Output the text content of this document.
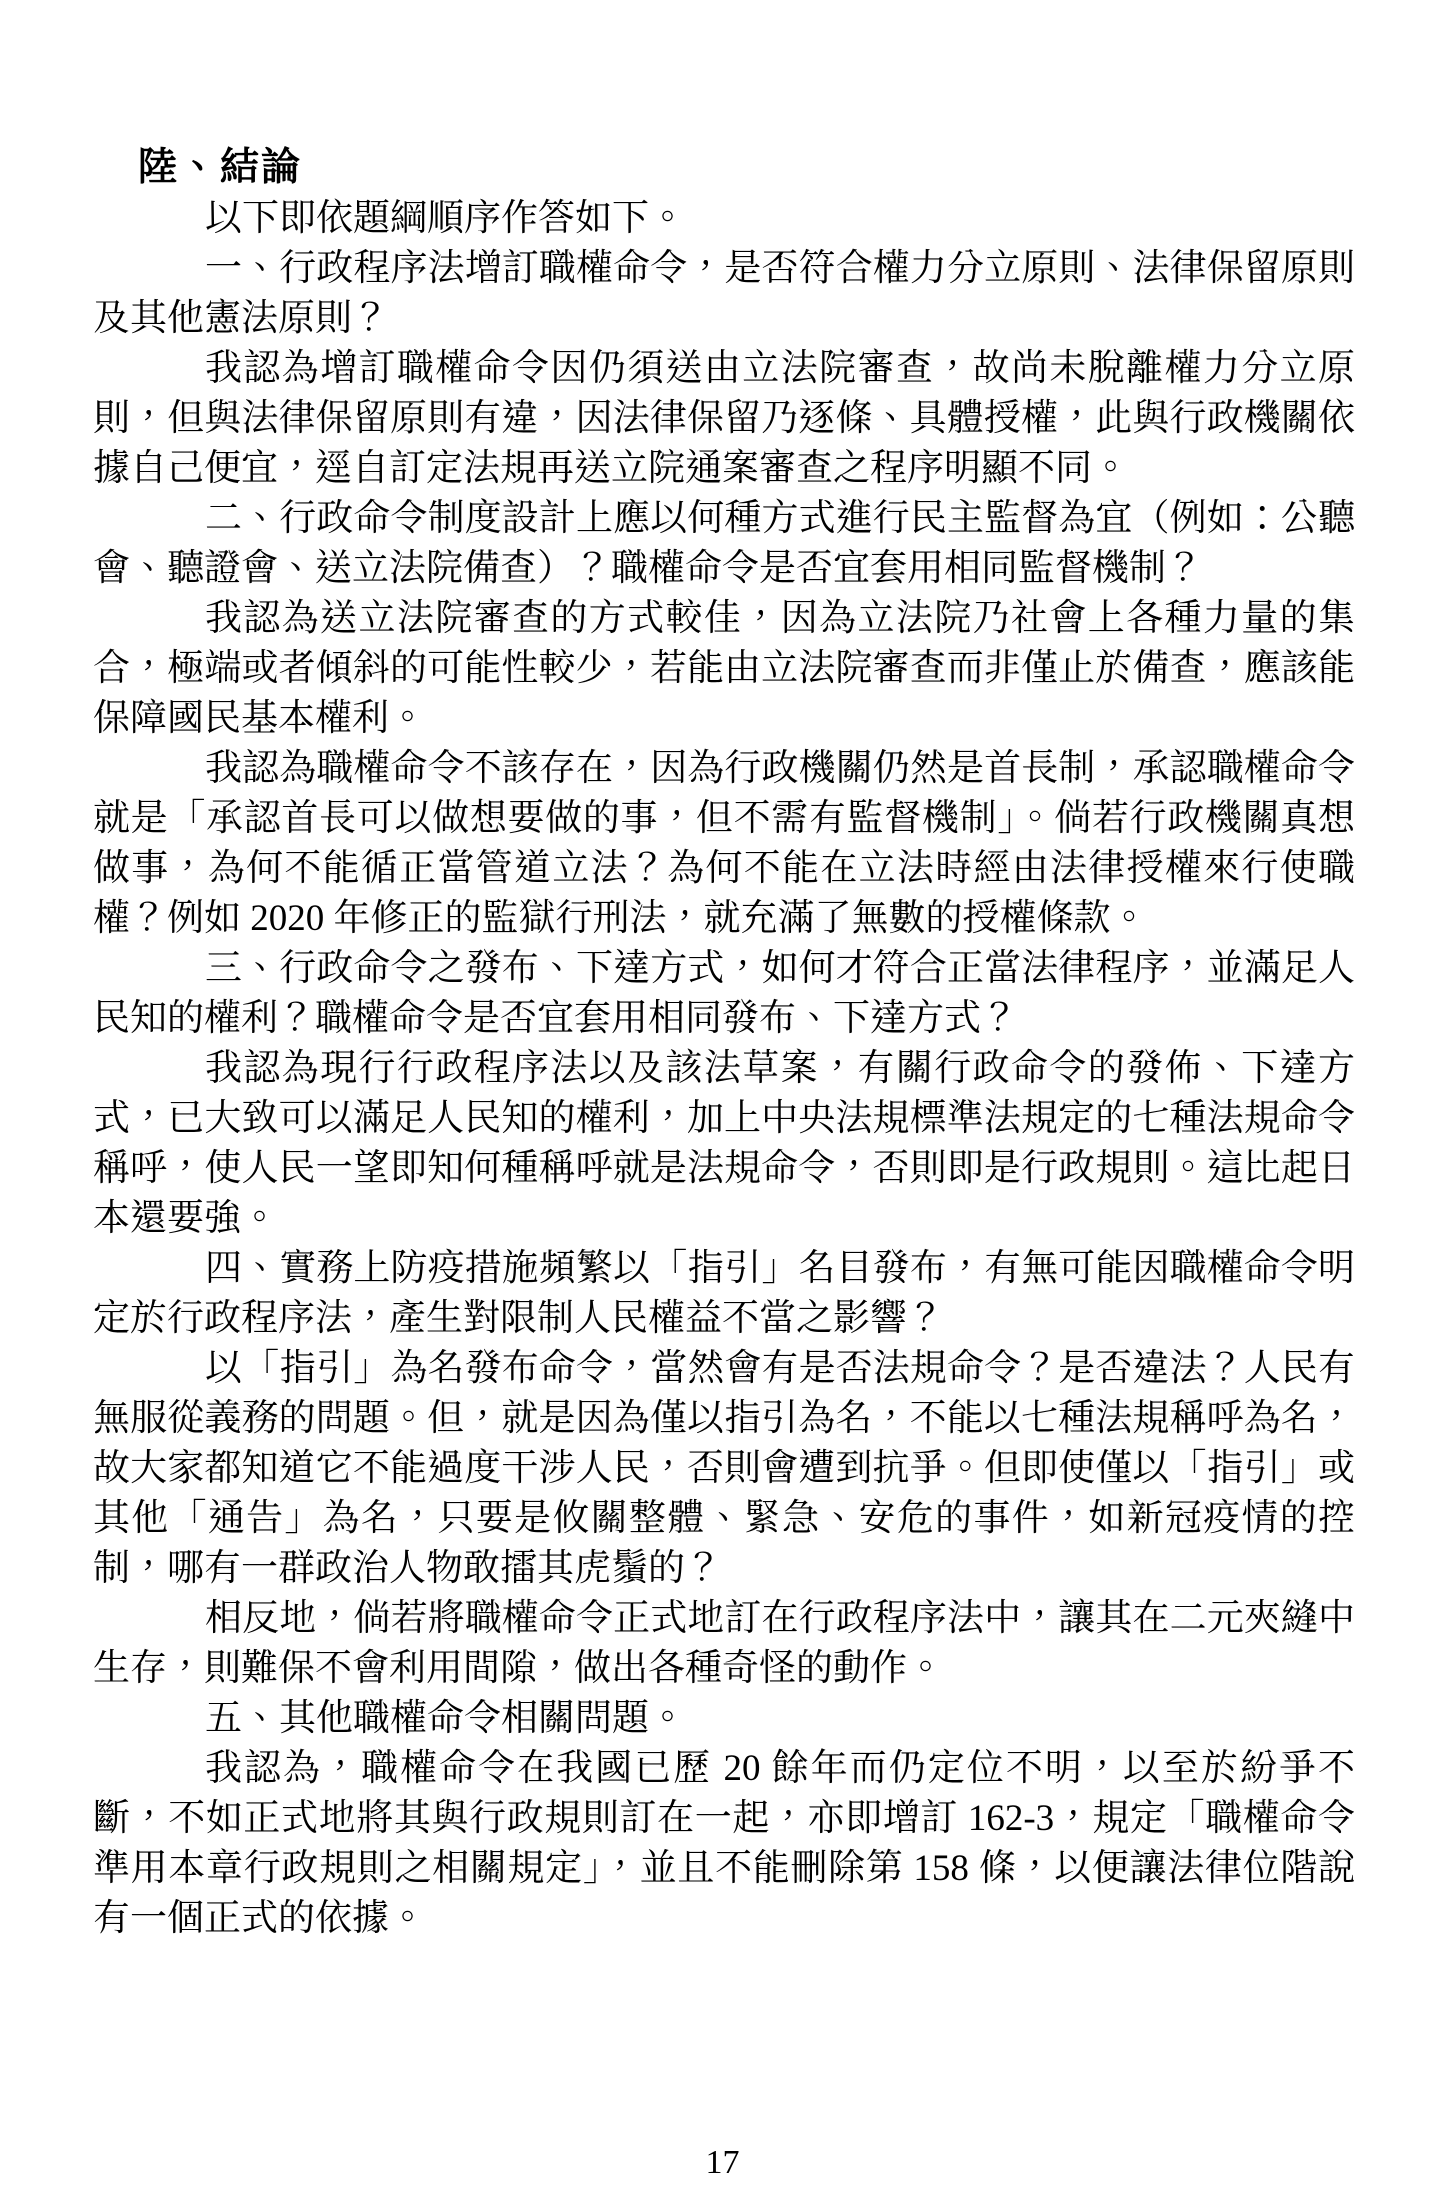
陸、結論

以下即依題綱順序作答如下。

一、行政程序法增訂職權命令，是否符合權力分立原則、法律保留原則及其他憲法原則？

我認為增訂職權命令因仍須送由立法院審查，故尚未脫離權力分立原則，但與法律保留原則有違，因法律保留乃逐條、具體授權，此與行政機關依據自己便宜，逕自訂定法規再送立院通案審查之程序明顯不同。

二、行政命令制度設計上應以何種方式進行民主監督為宜（例如：公聽會、聽證會、送立法院備查）？職權命令是否宜套用相同監督機制？

我認為送立法院審查的方式較佳，因為立法院乃社會上各種力量的集合，極端或者傾斜的可能性較少，若能由立法院審查而非僅止於備查，應該能保障國民基本權利。

我認為職權命令不該存在，因為行政機關仍然是首長制，承認職權命令就是「承認首長可以做想要做的事，但不需有監督機制」。倘若行政機關真想做事，為何不能循正當管道立法？為何不能在立法時經由法律授權來行使職權？例如 2020 年修正的監獄行刑法，就充滿了無數的授權條款。

三、行政命令之發布、下達方式，如何才符合正當法律程序，並滿足人民知的權利？職權命令是否宜套用相同發布、下達方式？

我認為現行行政程序法以及該法草案，有關行政命令的發佈、下達方式，已大致可以滿足人民知的權利，加上中央法規標準法規定的七種法規命令稱呼，使人民一望即知何種稱呼就是法規命令，否則即是行政規則。這比起日本還要強。

四、實務上防疫措施頻繁以「指引」名目發布，有無可能因職權命令明定於行政程序法，產生對限制人民權益不當之影響？

以「指引」為名發布命令，當然會有是否法規命令？是否違法？人民有無服從義務的問題。但，就是因為僅以指引為名，不能以七種法規稱呼為名，故大家都知道它不能過度干涉人民，否則會遭到抗爭。但即使僅以「指引」或其他「通告」為名，只要是攸關整體、緊急、安危的事件，如新冠疫情的控制，哪有一群政治人物敢擂其虎鬚的？

相反地，倘若將職權命令正式地訂在行政程序法中，讓其在二元夾縫中生存，則難保不會利用間隙，做出各種奇怪的動作。

五、其他職權命令相關問題。

我認為，職權命令在我國已歷 20 餘年而仍定位不明，以至於紛爭不斷，不如正式地將其與行政規則訂在一起，亦即增訂 162-3，規定「職權命令準用本章行政規則之相關規定」，並且不能刪除第 158 條，以便讓法律位階說有一個正式的依據。

17
